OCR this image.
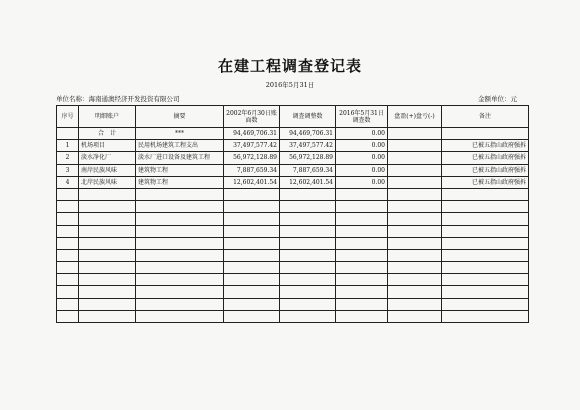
在建工程调查登记表
2016年5月31日
单位名称：海南通澳经济开发投资有限公司	金额单位：元
序号	明细账户	摘要	2002年6月30日账面数	调查调整数	2016年5月31日调查数	盘盈(+)盘亏(-)	备注
	合　计	***	94,469,706.31	94,469,706.31	0.00		
1	机场项目	民用机场建筑工程支出	37,497,577.42	37,497,577.42	0.00		已被五指山政府强拆
2	淡水净化厂	淡水厂进口设备及建筑工程	56,972,128.89	56,972,128.89	0.00		已被五指山政府强拆
3	南岸民族风味	建筑物工程	7,887,659.34	7,887,659.34	0.00		已被五指山政府强拆
4	北岸民族风味	建筑物工程	12,602,401.54	12,602,401.54	0.00		已被五指山政府强拆
